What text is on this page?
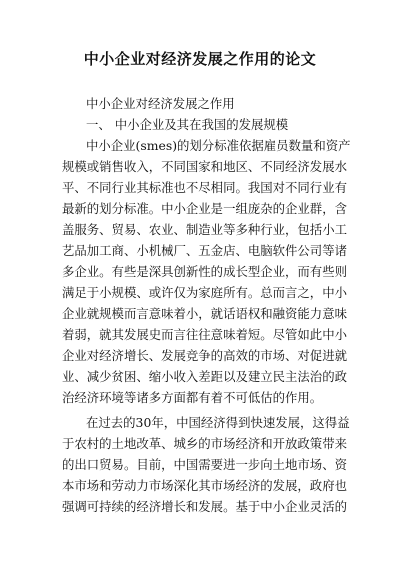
中小企业对经济发展之作用的论文
中小企业对经济发展之作用
一、 中小企业及其在我国的发展规模
中小企业(smes)的划分标准依据雇员数量和资产
规模或销售收入，不同国家和地区、不同经济发展水
平、不同行业其标准也不尽相同。我国对不同行业有
最新的划分标准。中小企业是一组庞杂的企业群，含
盖服务、贸易、农业、制造业等多种行业，包括小工
艺品加工商、小机械厂、五金店、电脑软件公司等诸
多企业。有些是深具创新性的成长型企业，而有些则
满足于小规模、或许仅为家庭所有。总而言之，中小
企业就规模而言意味着小，就话语权和融资能力意味
着弱，就其发展史而言往往意味着短。尽管如此中小
企业对经济增长、发展竞争的高效的市场、对促进就
业、减少贫困、缩小收入差距以及建立民主法治的政
治经济环境等诸多方面都有着不可低估的作用。
在过去的30年，中国经济得到快速发展，这得益
于农村的土地改革、城乡的市场经济和开放政策带来
的出口贸易。目前，中国需要进一步向土地市场、资
本市场和劳动力市场深化其市场经济的发展，政府也
强调可持续的经济增长和发展。基于中小企业灵活的
